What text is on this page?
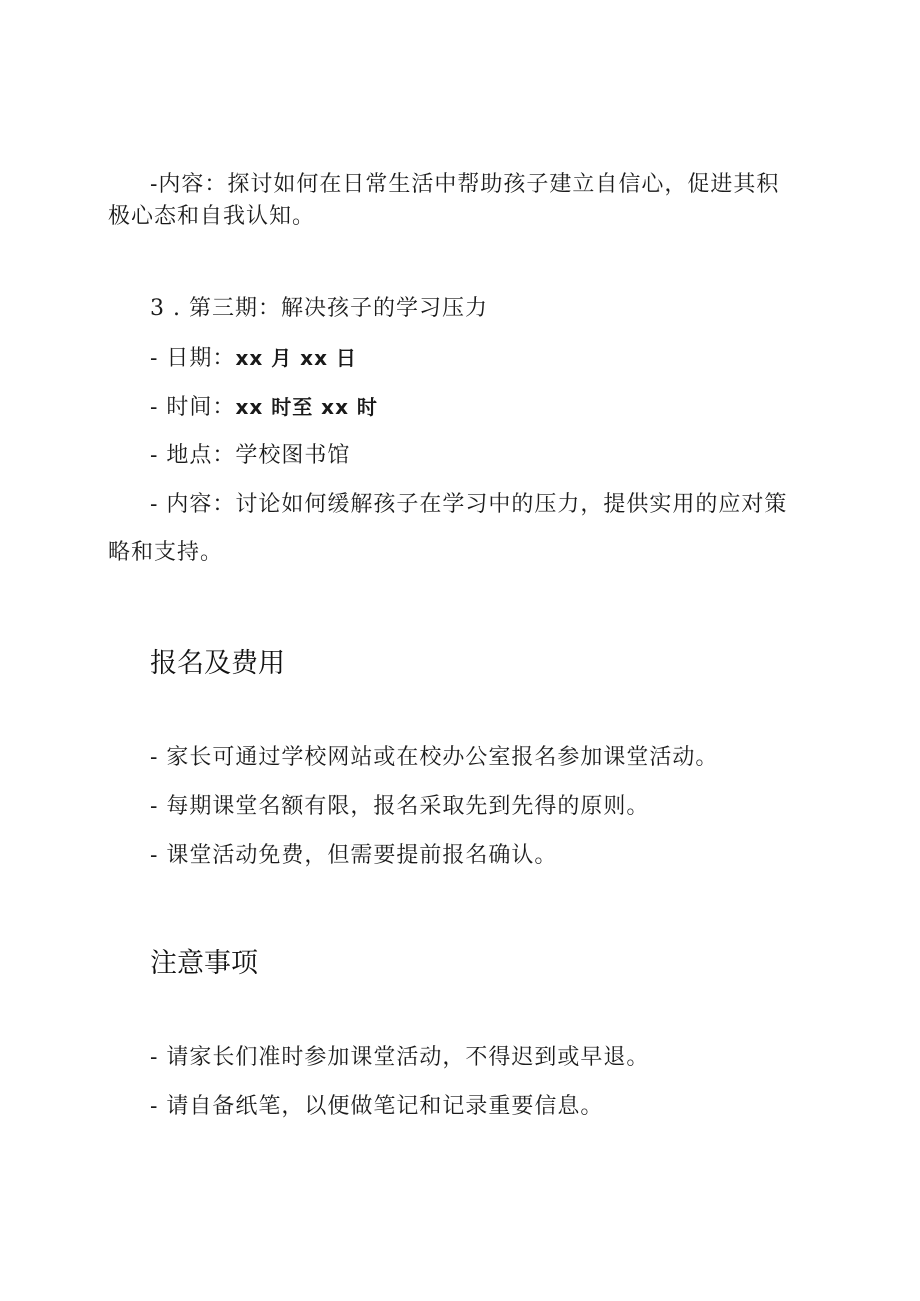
-内容：探讨如何在日常生活中帮助孩子建立自信心，促进其积
极心态和自我认知。
3 . 第三期：解决孩子的学习压力
- 日期：xx 月 xx 日
- 时间：xx 时至 xx 时
- 地点：学校图书馆
- 内容：讨论如何缓解孩子在学习中的压力，提供实用的应对策
略和支持。
报名及费用
- 家长可通过学校网站或在校办公室报名参加课堂活动。
- 每期课堂名额有限，报名采取先到先得的原则。
- 课堂活动免费，但需要提前报名确认。
注意事项
- 请家长们准时参加课堂活动，不得迟到或早退。
- 请自备纸笔，以便做笔记和记录重要信息。
